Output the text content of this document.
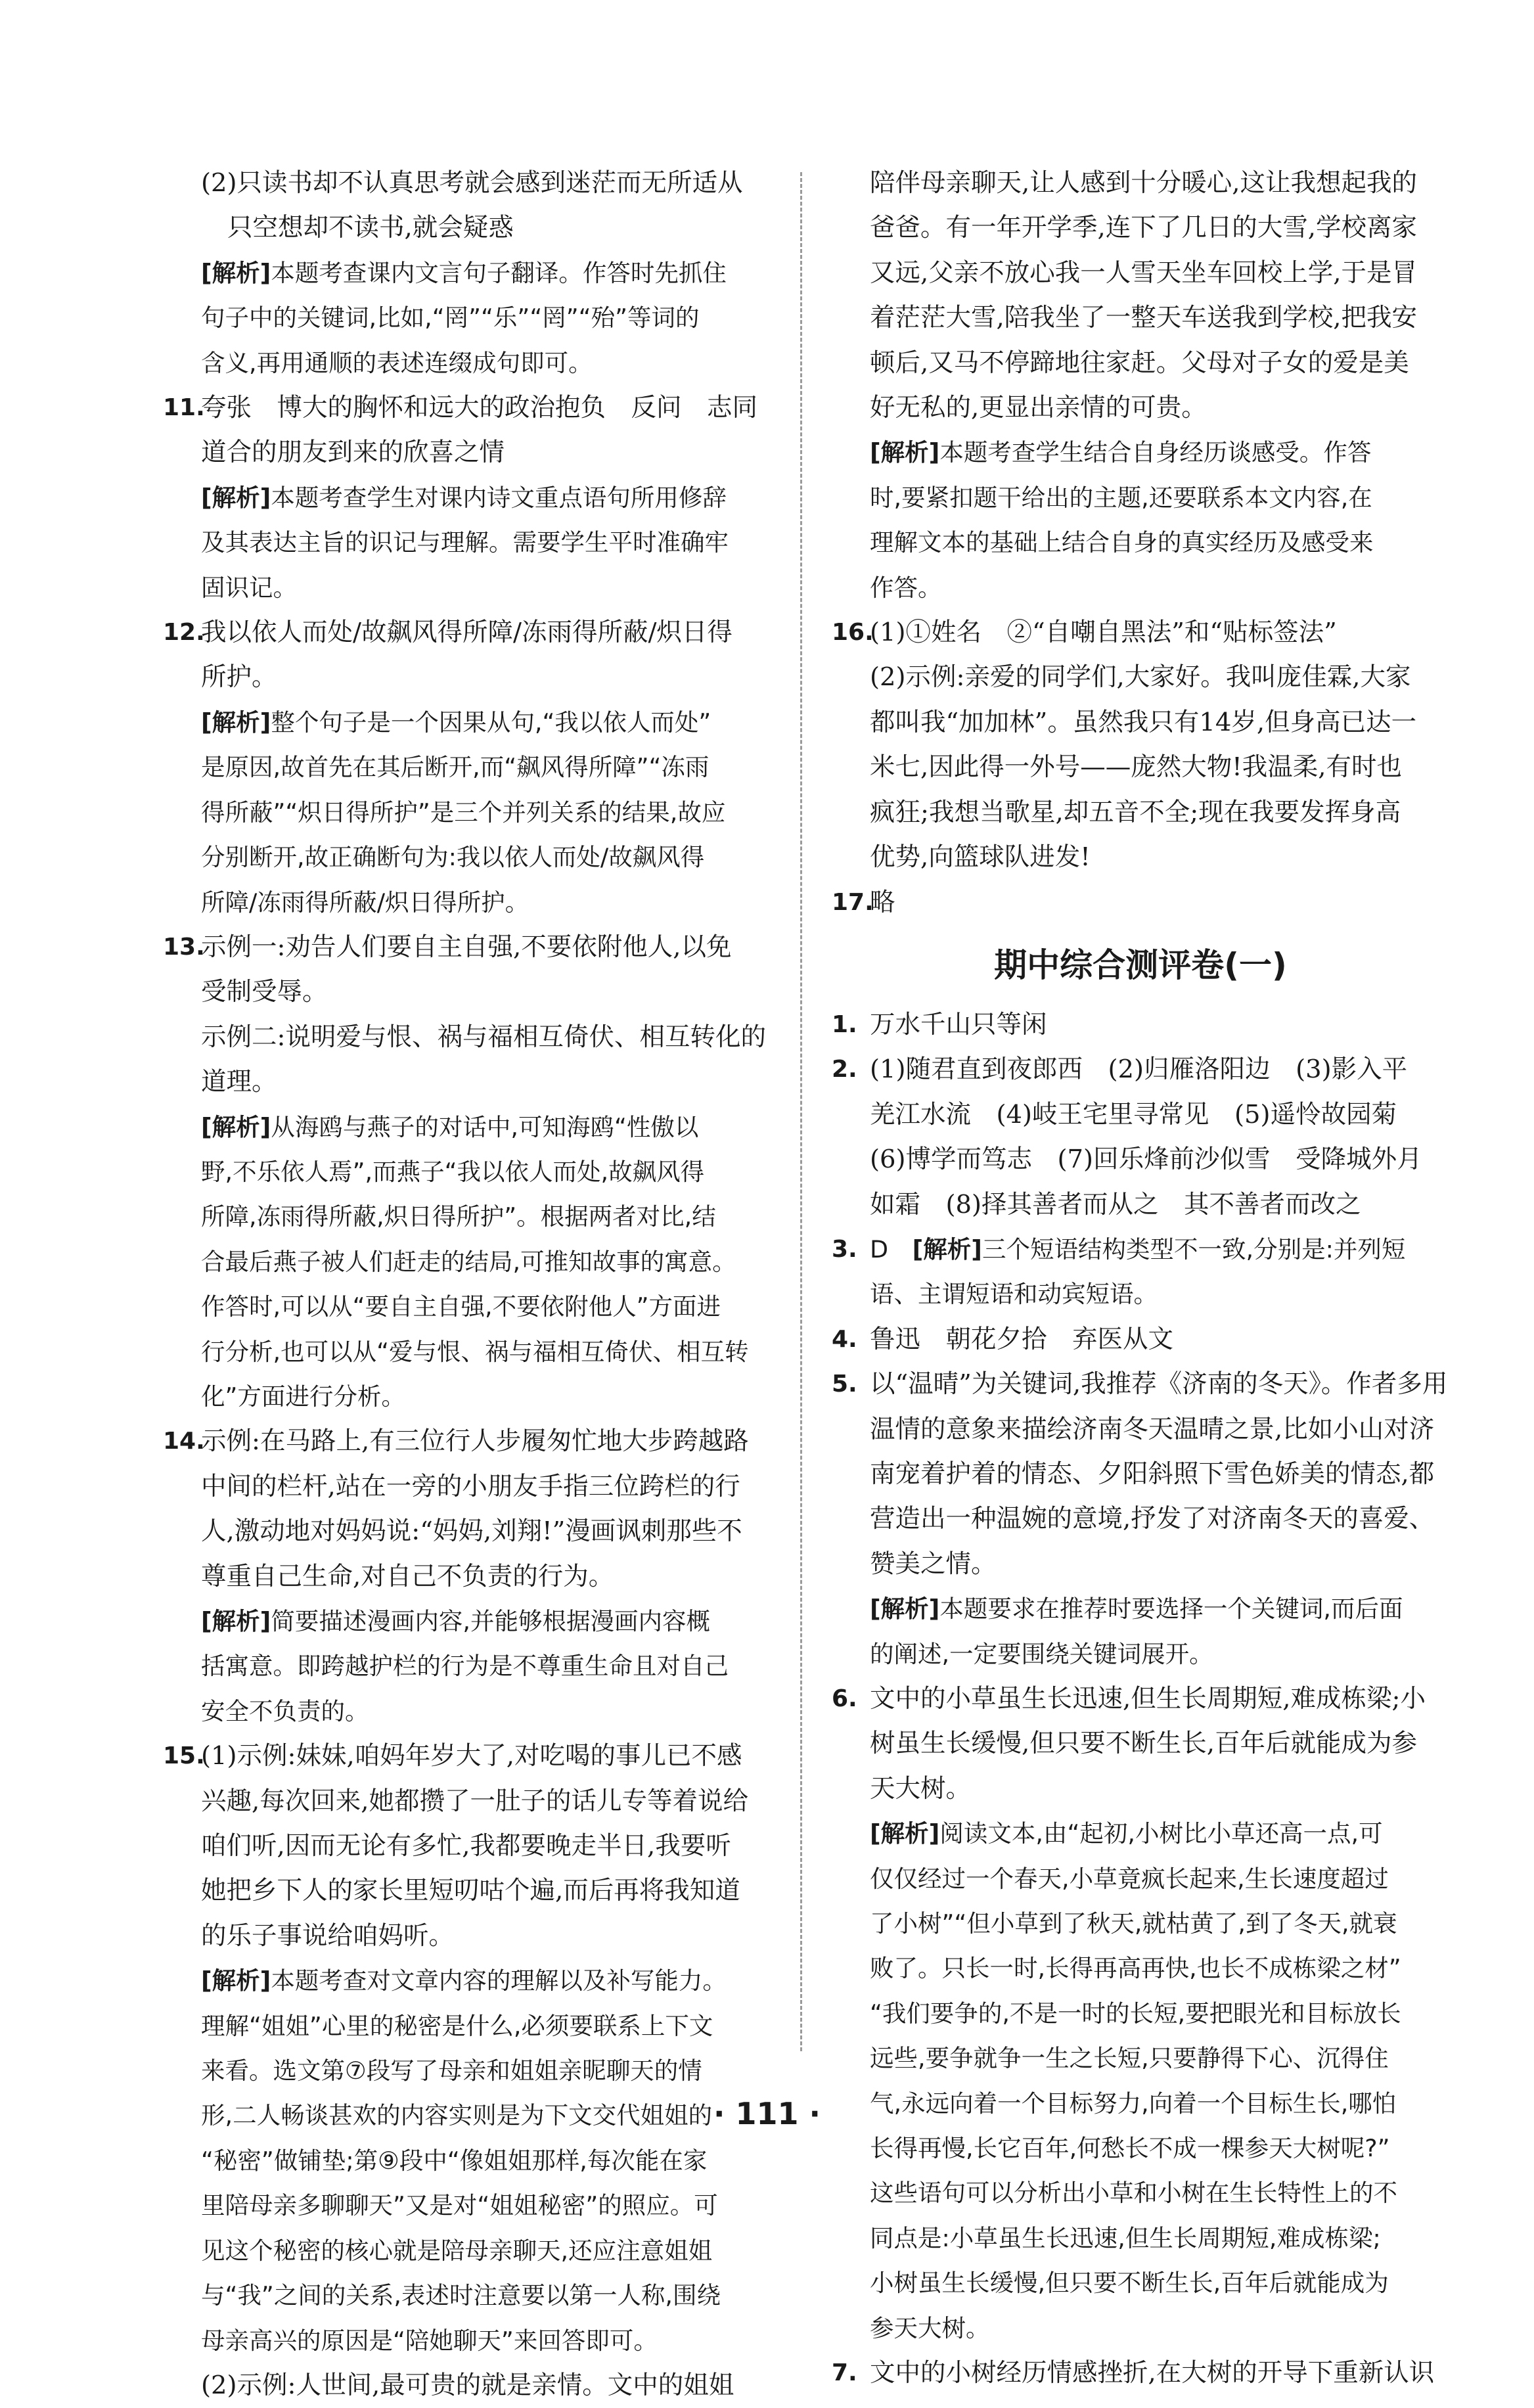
(2)只读书却不认真思考就会感到迷茫而无所适从
只空想却不读书,就会疑惑
[解析]本题考查课内文言句子翻译。作答时先抓住
句子中的关键词,比如,“罔”“乐”“罔”“殆”等词的
含义,再用通顺的表述连缀成句即可。
11.
夸张　博大的胸怀和远大的政治抱负　反问　志同
道合的朋友到来的欣喜之情
[解析]本题考查学生对课内诗文重点语句所用修辞
及其表达主旨的识记与理解。需要学生平时准确牢
固识记。
12.
我以依人而处/故飙风得所障/冻雨得所蔽/炽日得
所护。
[解析]整个句子是一个因果从句,“我以依人而处”
是原因,故首先在其后断开,而“飙风得所障”“冻雨
得所蔽”“炽日得所护”是三个并列关系的结果,故应
分别断开,故正确断句为:我以依人而处/故飙风得
所障/冻雨得所蔽/炽日得所护。
13.
示例一:劝告人们要自主自强,不要依附他人,以免
受制受辱。
示例二:说明爱与恨、祸与福相互倚伏、相互转化的
道理。
[解析]从海鸥与燕子的对话中,可知海鸥“性傲以
野,不乐依人焉”,而燕子“我以依人而处,故飙风得
所障,冻雨得所蔽,炽日得所护”。根据两者对比,结
合最后燕子被人们赶走的结局,可推知故事的寓意。
作答时,可以从“要自主自强,不要依附他人”方面进
行分析,也可以从“爱与恨、祸与福相互倚伏、相互转
化”方面进行分析。
14.
示例:在马路上,有三位行人步履匆忙地大步跨越路
中间的栏杆,站在一旁的小朋友手指三位跨栏的行
人,激动地对妈妈说:“妈妈,刘翔!”漫画讽刺那些不
尊重自己生命,对自己不负责的行为。
[解析]简要描述漫画内容,并能够根据漫画内容概
括寓意。即跨越护栏的行为是不尊重生命且对自己
安全不负责的。
15.
(1)示例:妹妹,咱妈年岁大了,对吃喝的事儿已不感
兴趣,每次回来,她都攒了一肚子的话儿专等着说给
咱们听,因而无论有多忙,我都要晚走半日,我要听
她把乡下人的家长里短叨咕个遍,而后再将我知道
的乐子事说给咱妈听。
[解析]本题考查对文章内容的理解以及补写能力。
理解“姐姐”心里的秘密是什么,必须要联系上下文
来看。选文第⑦段写了母亲和姐姐亲昵聊天的情
形,二人畅谈甚欢的内容实则是为下文交代姐姐的
“秘密”做铺垫;第⑨段中“像姐姐那样,每次能在家
里陪母亲多聊聊天”又是对“姐姐秘密”的照应。可
见这个秘密的核心就是陪母亲聊天,还应注意姐姐
与“我”之间的关系,表述时注意要以第一人称,围绕
母亲高兴的原因是“陪她聊天”来回答即可。
(2)示例:人世间,最可贵的就是亲情。文中的姐姐
陪伴母亲聊天,让人感到十分暖心,这让我想起我的
爸爸。有一年开学季,连下了几日的大雪,学校离家
又远,父亲不放心我一人雪天坐车回校上学,于是冒
着茫茫大雪,陪我坐了一整天车送我到学校,把我安
顿后,又马不停蹄地往家赶。父母对子女的爱是美
好无私的,更显出亲情的可贵。
[解析]本题考查学生结合自身经历谈感受。作答
时,要紧扣题干给出的主题,还要联系本文内容,在
理解文本的基础上结合自身的真实经历及感受来
作答。
16.
(1)①姓名　②“自嘲自黑法”和“贴标签法”
(2)示例:亲爱的同学们,大家好。我叫庞佳霖,大家
都叫我“加加林”。虽然我只有14岁,但身高已达一
米七,因此得一外号——庞然大物!我温柔,有时也
疯狂;我想当歌星,却五音不全;现在我要发挥身高
优势,向篮球队进发!
17.
略
期中综合测评卷(一)
1. 万水千山只等闲
2. (1)随君直到夜郎西　(2)归雁洛阳边　(3)影入平
羌江水流　(4)岐王宅里寻常见　(5)遥怜故园菊
(6)博学而笃志　(7)回乐烽前沙似雪　受降城外月
如霜　(8)择其善者而从之　其不善者而改之
3. D　 [解析]三个短语结构类型不一致,分别是:并列短
语、主谓短语和动宾短语。
4. 鲁迅　朝花夕拾　弃医从文
5. 以“温晴”为关键词,我推荐《济南的冬天》。作者多用
温情的意象来描绘济南冬天温晴之景,比如小山对济
南宠着护着的情态、夕阳斜照下雪色娇美的情态,都
营造出一种温婉的意境,抒发了对济南冬天的喜爱、
赞美之情。
[解析]本题要求在推荐时要选择一个关键词,而后面
的阐述,一定要围绕关键词展开。
6. 文中的小草虽生长迅速,但生长周期短,难成栋梁;小
树虽生长缓慢,但只要不断生长,百年后就能成为参
天大树。
[解析]阅读文本,由“起初,小树比小草还高一点,可
仅仅经过一个春天,小草竟疯长起来,生长速度超过
了小树”“但小草到了秋天,就枯黄了,到了冬天,就衰
败了。只长一时,长得再高再快,也长不成栋梁之材”
“我们要争的,不是一时的长短,要把眼光和目标放长
远些,要争就争一生之长短,只要静得下心、沉得住
气,永远向着一个目标努力,向着一个目标生长,哪怕
长得再慢,长它百年,何愁长不成一棵参天大树呢?”
这些语句可以分析出小草和小树在生长特性上的不
同点是:小草虽生长迅速,但生长周期短,难成栋梁;
小树虽生长缓慢,但只要不断生长,百年后就能成为
参天大树。
7. 文中的小树经历情感挫折,在大树的开导下重新认识
· 111 ·
